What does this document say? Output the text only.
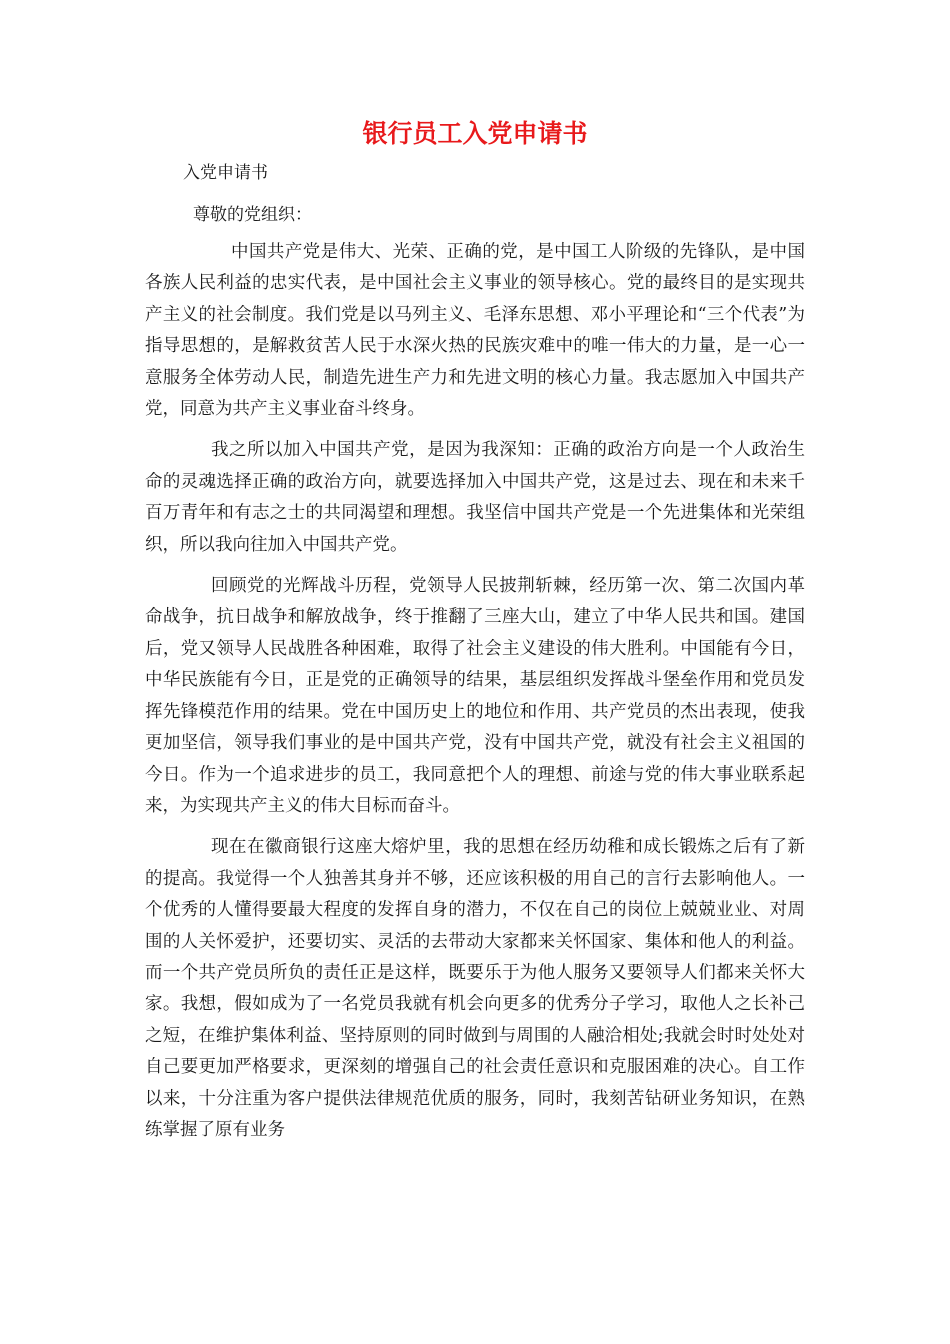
银行员工入党申请书

入党申请书

尊敬的党组织：

中国共产党是伟大、光荣、正确的党，是中国工人阶级的先锋队，是中国各族人民利益的忠实代表，是中国社会主义事业的领导核心。党的最终目的是实现共产主义的社会制度。我们党是以马列主义、毛泽东思想、邓小平理论和“三个代表”为指导思想的，是解救贫苦人民于水深火热的民族灾难中的唯一伟大的力量，是一心一意服务全体劳动人民，制造先进生产力和先进文明的核心力量。我志愿加入中国共产党，同意为共产主义事业奋斗终身。

我之所以加入中国共产党，是因为我深知：正确的政治方向是一个人政治生命的灵魂选择正确的政治方向，就要选择加入中国共产党，这是过去、现在和未来千百万青年和有志之士的共同渴望和理想。我坚信中国共产党是一个先进集体和光荣组织，所以我向往加入中国共产党。

回顾党的光辉战斗历程，党领导人民披荆斩棘，经历第一次、第二次国内革命战争，抗日战争和解放战争，终于推翻了三座大山，建立了中华人民共和国。建国后，党又领导人民战胜各种困难，取得了社会主义建设的伟大胜利。中国能有今日，中华民族能有今日，正是党的正确领导的结果，基层组织发挥战斗堡垒作用和党员发挥先锋模范作用的结果。党在中国历史上的地位和作用、共产党员的杰出表现，使我更加坚信，领导我们事业的是中国共产党，没有中国共产党，就没有社会主义祖国的今日。作为一个追求进步的员工，我同意把个人的理想、前途与党的伟大事业联系起来，为实现共产主义的伟大目标而奋斗。

现在在徽商银行这座大熔炉里，我的思想在经历幼稚和成长锻炼之后有了新的提高。我觉得一个人独善其身并不够，还应该积极的用自己的言行去影响他人。一个优秀的人懂得要最大程度的发挥自身的潜力，不仅在自己的岗位上兢兢业业、对周围的人关怀爱护，还要切实、灵活的去带动大家都来关怀国家、集体和他人的利益。而一个共产党员所负的责任正是这样，既要乐于为他人服务又要领导人们都来关怀大家。我想，假如成为了一名党员我就有机会向更多的优秀分子学习，取他人之长补己之短，在维护集体利益、坚持原则的同时做到与周围的人融洽相处;我就会时时处处对自己要更加严格要求，更深刻的增强自己的社会责任意识和克服困难的决心。自工作以来，十分注重为客户提供法律规范优质的服务，同时，我刻苦钻研业务知识，在熟练掌握了原有业务
